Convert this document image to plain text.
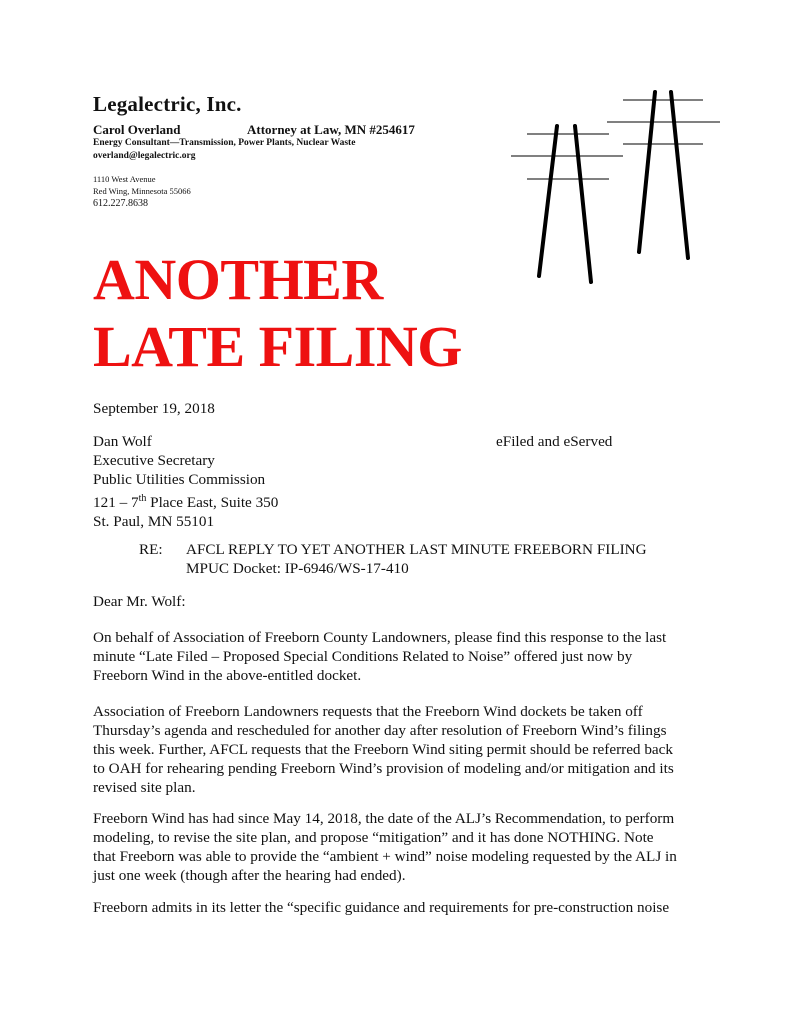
Legalectric, Inc.
Carol Overland	Attorney at Law, MN #254617
Energy Consultant—Transmission, Power Plants, Nuclear Waste
overland@legalectric.org
1110 West Avenue
Red Wing, Minnesota 55066
612.227.8638
ANOTHER
LATE FILING
September 19, 2018
Dan Wolf
Executive Secretary
Public Utilities Commission
121 – 7th Place East, Suite 350
St. Paul, MN 55101
eFiled and eServed
RE: AFCL REPLY TO YET ANOTHER LAST MINUTE FREEBORN FILING
MPUC Docket: IP-6946/WS-17-410
Dear Mr. Wolf:
On behalf of Association of Freeborn County Landowners, please find this response to the last
minute “Late Filed – Proposed Special Conditions Related to Noise” offered just now by
Freeborn Wind in the above-entitled docket.
Association of Freeborn Landowners requests that the Freeborn Wind dockets be taken off
Thursday’s agenda and rescheduled for another day after resolution of Freeborn Wind’s filings
this week. Further, AFCL requests that the Freeborn Wind siting permit should be referred back
to OAH for rehearing pending Freeborn Wind’s provision of modeling and/or mitigation and its
revised site plan.
Freeborn Wind has had since May 14, 2018, the date of the ALJ’s Recommendation, to perform
modeling, to revise the site plan, and propose “mitigation” and it has done NOTHING. Note
that Freeborn was able to provide the “ambient + wind” noise modeling requested by the ALJ in
just one week (though after the hearing had ended).
Freeborn admits in its letter the “specific guidance and requirements for pre-construction noise
